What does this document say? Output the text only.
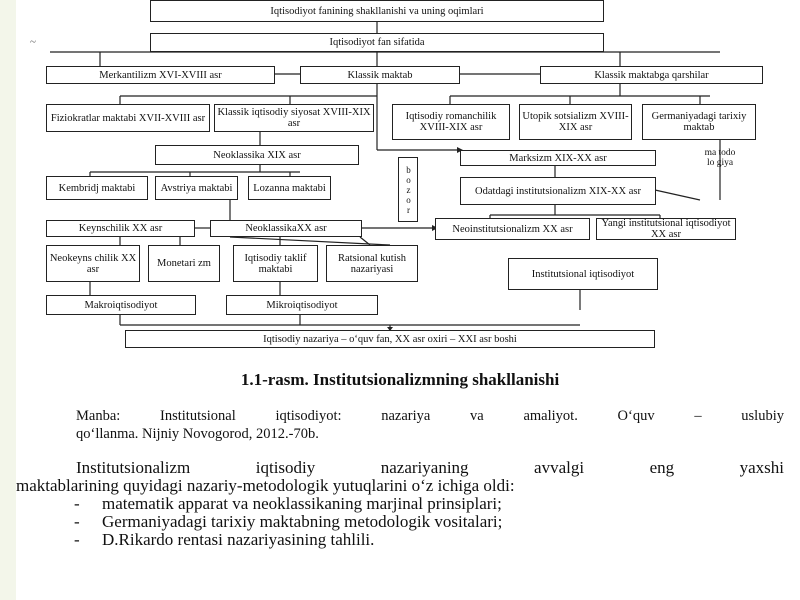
~
Iqtisodiyot fanining shakllanishi va uning oqimlari
Iqtisodiyot fan sifatida
Merkantilizm XVI-XVIII asr	Klassik maktab	Klassik maktabga qarshilar
Fiziokratlar maktabi XVII-XVIII asr Klassik iqtisodiy siyosat XVIII-XIX asr
Iqtisodiy romanchilik XVIII-XIX asr
Utopik sotsializm XVIII-XIX asr
Germaniyadagi tarixiy maktab
Neoklassika XIX asr	Marksizm XIX-XX asr	ma todo lo giya
bozor
Kembridj maktabi Avstriya maktabi Lozanna maktabi	Odatdagi institutsionalizm XIX-XX asr
Keynschilik XX asr	NeoklassikaXX asr	Neoinstitutsionalizm XX asr	Yangi institutsional iqtisodiyot XX asr
Neokeyns chilik XX asr	Monetari zm	Iqtisodiy taklif maktabi
Ratsional kutish nazariyasi	Institutsional iqtisodiyot
Makroiqtisodiyot	Mikroiqtisodiyot
Iqtisodiy nazariya – o‘quv fan, XX asr oxiri – XXI asr boshi
1.1-rasm. Institutsionalizmning shakllanishi
Manba: Institutsional iqtisodiyot: nazariya va amaliyot. O‘quv – uslubiy
qo‘llanma. Nijniy Novogorod, 2012.-70b.
Institutsionalizm iqtisodiy nazariyaning avvalgi eng yaxshi
maktablarining quyidagi nazariy-metodologik yutuqlarini o‘z ichiga oldi:
- matematik apparat va neoklassikaning marjinal prinsiplari;
- Germaniyadagi tarixiy maktabning metodologik vositalari;
- D.Rikardo rentasi nazariyasining tahlili.
